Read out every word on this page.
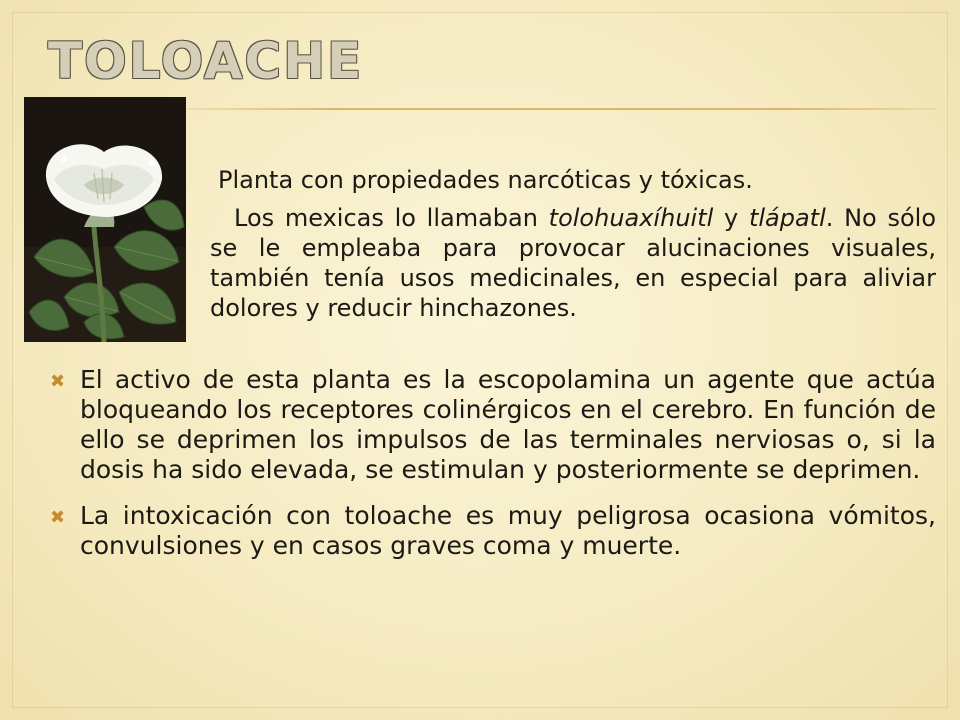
TOLOACHE
Planta con propiedades narcóticas y tóxicas.
Los mexicas lo llamaban tolohuaxíhuitl y tlápatl. No sólo se le empleaba para provocar alucinaciones visuales, también tenía usos medicinales, en especial para aliviar dolores y reducir hinchazones.
✖ El activo de esta planta es la escopolamina un agente que actúa bloqueando los receptores colinérgicos en el cerebro. En función de ello se deprimen los impulsos de las terminales nerviosas o, si la dosis ha sido elevada, se estimulan y posteriormente se deprimen.
✖ La intoxicación con toloache es muy peligrosa ocasiona vómitos, convulsiones y en casos graves coma y muerte.
